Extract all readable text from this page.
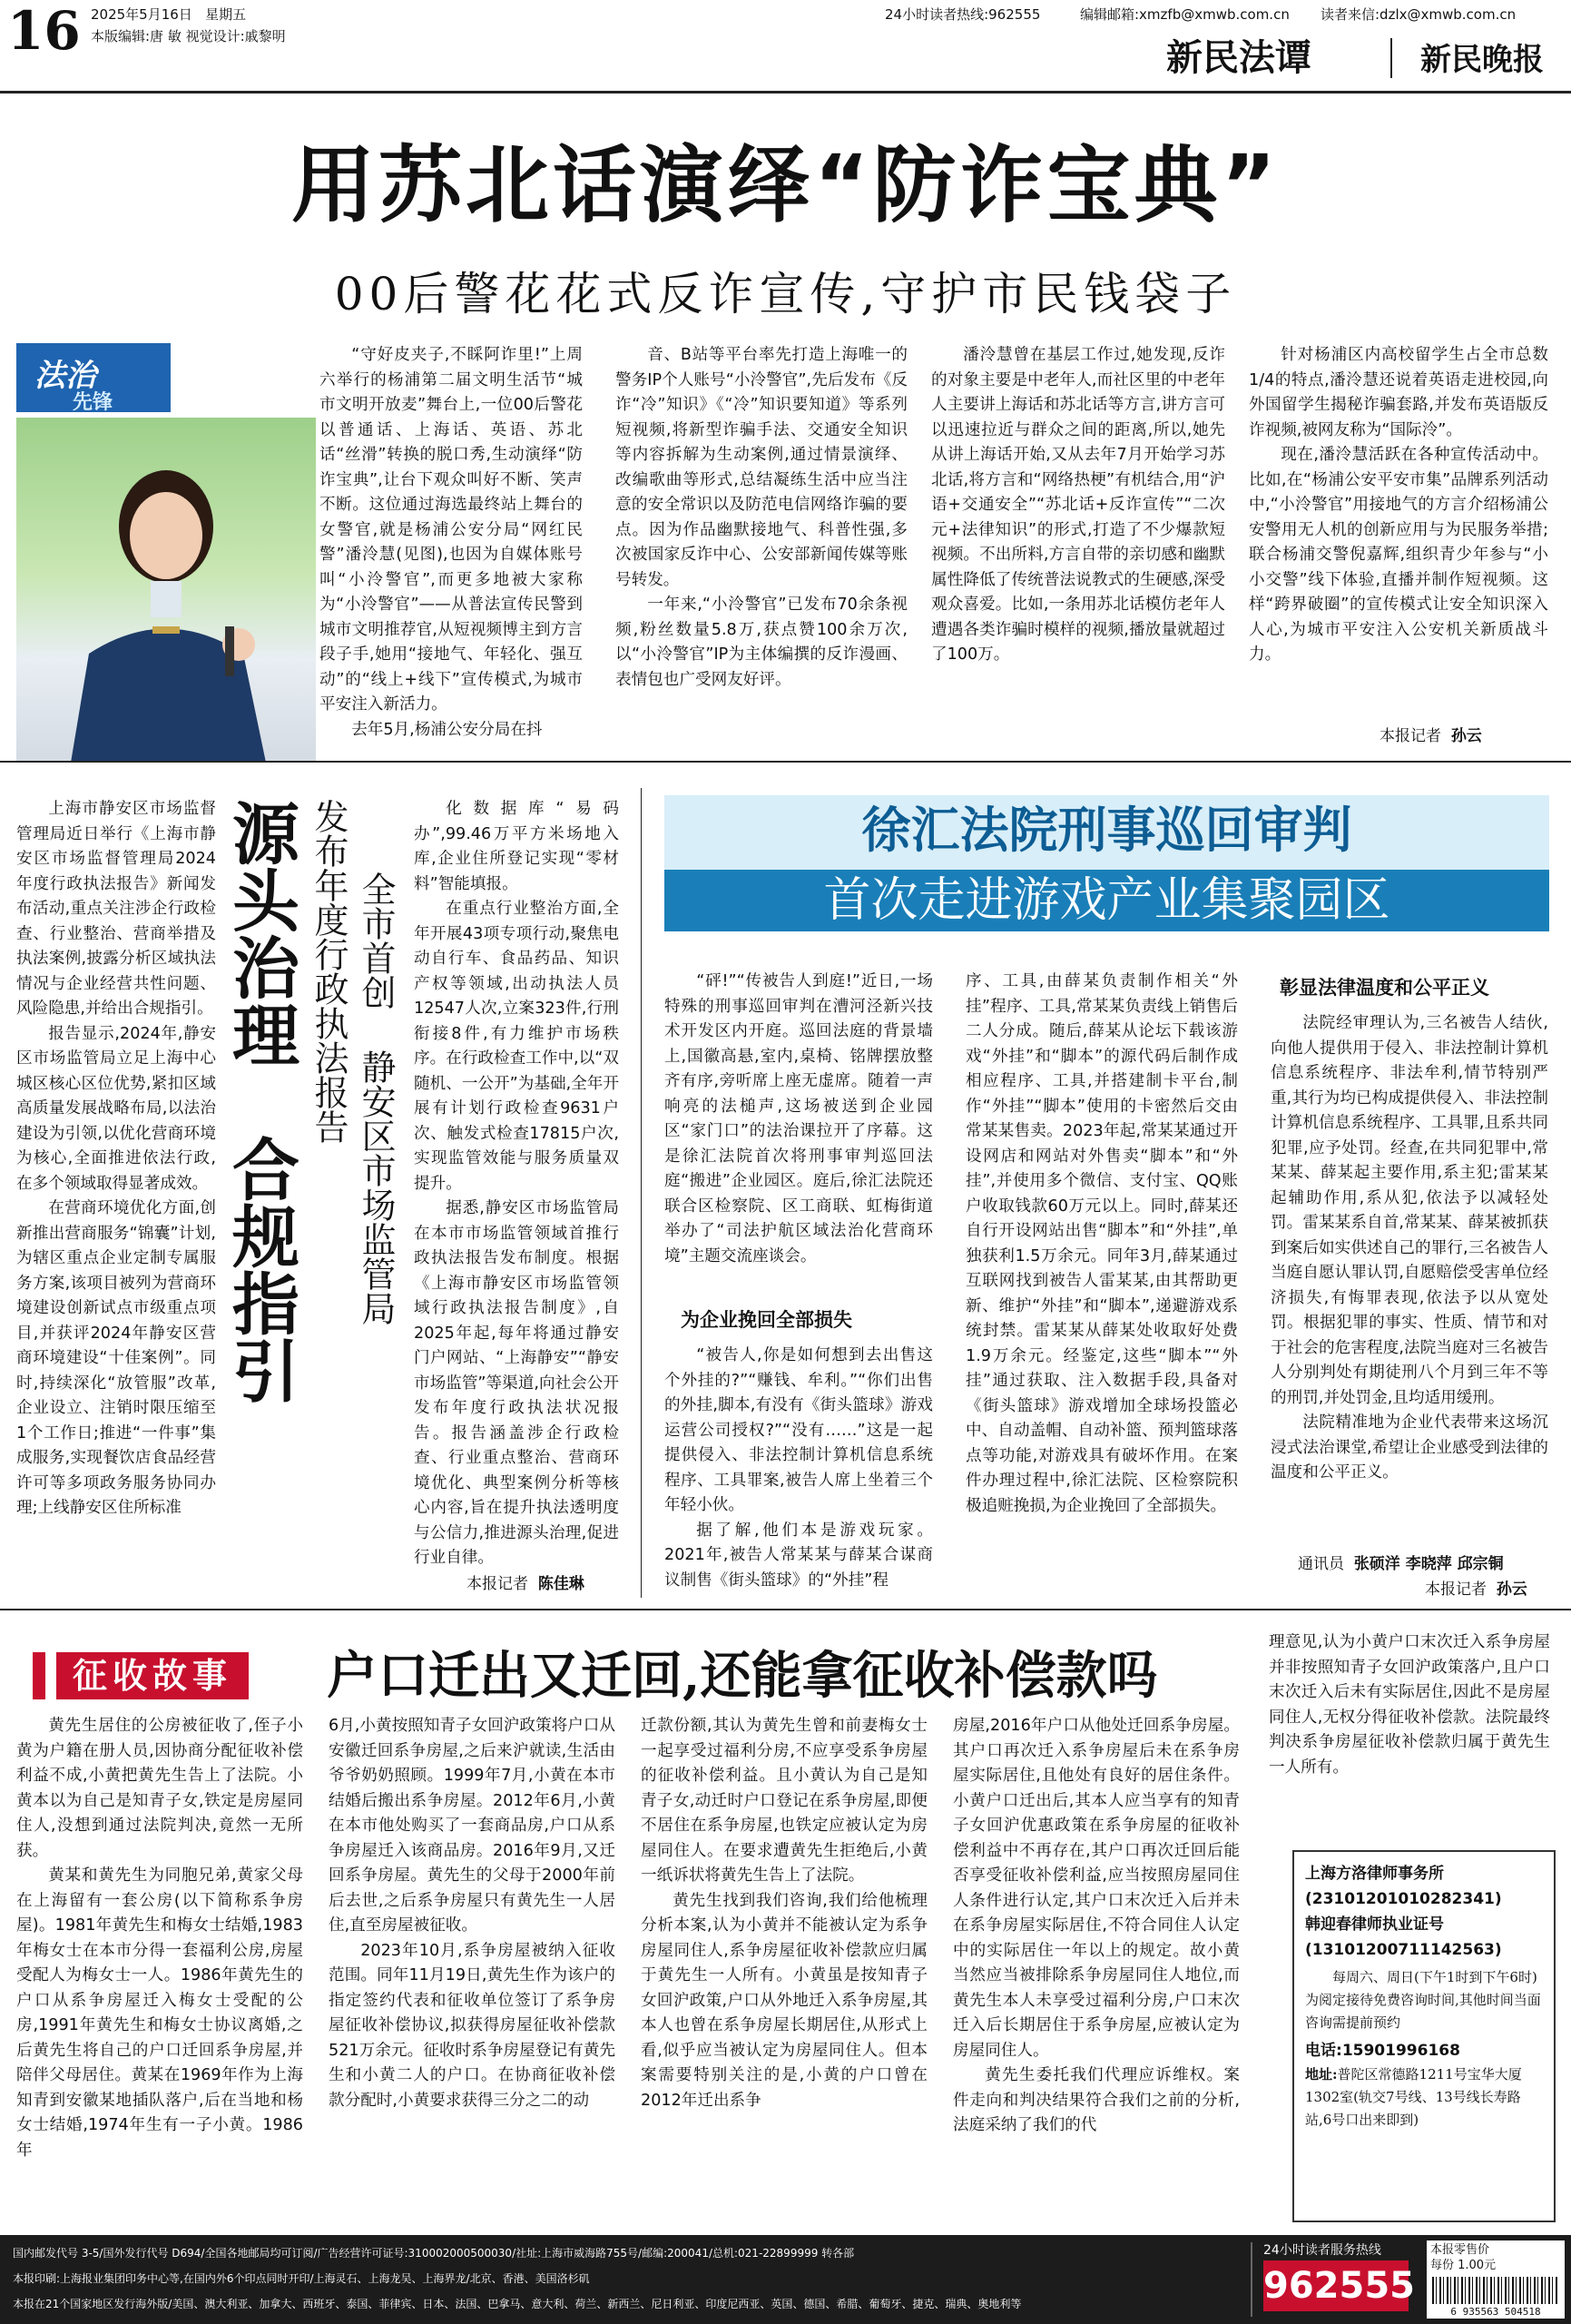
16 2025年5月16日 星期五
本版编辑:唐 敏 视觉设计:戚黎明
24小时读者热线:962555	编辑邮箱:xmzfb@xmwb.com.cn 读者来信:dzlx@xmwb.com.cn
新民法谭	新民晚报
用苏北话演绎“防诈宝典”
00后警花花式反诈宣传,守护市民钱袋子
法治
先锋

“守好皮夹子,不睬阿诈里!”上周六举行的杨浦第二届文明生活节“城市文明开放麦”舞台上,一位00后警花以普通话、上海话、英语、苏北话“丝滑”转换的脱口秀,生动演绎“防诈宝典”,让台下观众叫好不断、笑声不断。这位通过海选最终站上舞台的女警官,就是杨浦公安分局“网红民警”潘泠慧(见图),也因为自媒体账号叫“小泠警官”,而更多地被大家称为“小泠警官”——从普法宣传民警到城市文明推荐官,从短视频博主到方言段子手,她用“接地气、年轻化、强互动”的“线上+线下”宣传模式,为城市平安注入新活力。

去年5月,杨浦公安分局在抖

音、B站等平台率先打造上海唯一的警务IP个人账号“小泠警官”,先后发布《反诈“冷”知识》《“冷”知识要知道》等系列短视频,将新型诈骗手法、交通安全知识等内容拆解为生动案例,通过情景演绎、改编歌曲等形式,总结凝练生活中应当注意的安全常识以及防范电信网络诈骗的要点。因为作品幽默接地气、科普性强,多次被国家反诈中心、公安部新闻传媒等账号转发。

一年来,“小泠警官”已发布70余条视频,粉丝数量5.8万,获点赞100余万次,以“小泠警官”IP为主体编撰的反诈漫画、表情包也广受网友好评。

潘泠慧曾在基层工作过,她发现,反诈的对象主要是中老年人,而社区里的中老年人主要讲上海话和苏北话等方言,讲方言可以迅速拉近与群众之间的距离,所以,她先从讲上海话开始,又从去年7月开始学习苏北话,将方言和“网络热梗”有机结合,用“沪语+交通安全”“苏北话+反诈宣传”“二次元+法律知识”的形式,打造了不少爆款短视频。不出所料,方言自带的亲切感和幽默属性降低了传统普法说教式的生硬感,深受观众喜爱。比如,一条用苏北话模仿老年人遭遇各类诈骗时模样的视频,播放量就超过了100万。

针对杨浦区内高校留学生占全市总数1/4的特点,潘泠慧还说着英语走进校园,向外国留学生揭秘诈骗套路,并发布英语版反诈视频,被网友称为“国际泠”。

现在,潘泠慧活跃在各种宣传活动中。比如,在“杨浦公安平安市集”品牌系列活动中,“小泠警官”用接地气的方言介绍杨浦公安警用无人机的创新应用与为民服务举措;联合杨浦交警倪嘉辉,组织青少年参与“小小交警”线下体验,直播并制作短视频。这样“跨界破圈”的宣传模式让安全知识深入人心,为城市平安注入公安机关新质战斗力。

本报记者 孙云

上海市静安区市场监督管理局近日举行《上海市静安区市场监督管理局2024年度行政执法报告》新闻发布活动,重点关注涉企行政检查、行业整治、营商举措及执法案例,披露分析区域执法情况与企业经营共性问题、风险隐患,并给出合规指引。

报告显示,2024年,静安区市场监管局立足上海中心城区核心区位优势,紧扣区域高质量发展战略布局,以法治建设为引领,以优化营商环境为核心,全面推进依法行政,在多个领域取得显著成效。

在营商环境优化方面,创新推出营商服务“锦囊”计划,为辖区重点企业定制专属服务方案,该项目被列为营商环境建设创新试点市级重点项目,并获评2024年静安区营商环境建设“十佳案例”。同时,持续深化“放管服”改革,企业设立、注销时限压缩至1个工作日;推进“一件事”集成服务,实现餐饮店食品经营许可等多项政务服务协同办理;上线静安区住所标准

源头治理　合规指引
发布年度行政执法报告 全市首创 静安区市场监管局

化数据库“易码办”,99.46万平方米场地入库,企业住所登记实现“零材料”智能填报。

在重点行业整治方面,全年开展43项专项行动,聚焦电动自行车、食品药品、知识产权等领域,出动执法人员12547人次,立案323件,行刑衔接8件,有力维护市场秩序。在行政检查工作中,以“双随机、一公开”为基础,全年开展有计划行政检查9631户次、触发式检查17815户次,实现监管效能与服务质量双提升。

据悉,静安区市场监管局在本市市场监管领域首推行政执法报告发布制度。根据《上海市静安区市场监管领域行政执法报告制度》,自2025年起,每年将通过静安门户网站、“上海静安”“静安市场监管”等渠道,向社会公开发布年度行政执法状况报告。报告涵盖涉企行政检查、行业重点整治、营商环境优化、典型案例分析等核心内容,旨在提升执法透明度与公信力,推进源头治理,促进行业自律。

本报记者 陈佳琳
徐汇法院刑事巡回审判
首次走进游戏产业集聚园区

“砰!”“传被告人到庭!”近日,一场特殊的刑事巡回审判在漕河泾新兴技术开发区内开庭。巡回法庭的背景墙上,国徽高悬,室内,桌椅、铭牌摆放整齐有序,旁听席上座无虚席。随着一声响亮的法槌声,这场被送到企业园区“家门口”的法治课拉开了序幕。这是徐汇法院首次将刑事审判巡回法庭“搬进”企业园区。庭后,徐汇法院还联合区检察院、区工商联、虹梅街道举办了“司法护航区域法治化营商环境”主题交流座谈会。

为企业挽回全部损失

“被告人,你是如何想到去出售这个外挂的?”“赚钱、牟利。”“你们出售的外挂,脚本,有没有《街头篮球》游戏运营公司授权?”“没有……”这是一起提供侵入、非法控制计算机信息系统程序、工具罪案,被告人席上坐着三个年轻小伙。

据了解,他们本是游戏玩家。2021年,被告人常某某与薛某合谋商议制售《街头篮球》的“外挂”程

序、工具,由薛某负责制作相关“外挂”程序、工具,常某某负责线上销售后二人分成。随后,薛某从论坛下载该游戏“外挂”和“脚本”的源代码后制作成相应程序、工具,并搭建制卡平台,制作“外挂”“脚本”使用的卡密然后交由常某某售卖。2023年起,常某某通过开设网店和网站对外售卖“脚本”和“外挂”,并使用多个微信、支付宝、QQ账户收取钱款60万元以上。同时,薛某还自行开设网站出售“脚本”和“外挂”,单独获利1.5万余元。同年3月,薛某通过互联网找到被告人雷某某,由其帮助更新、维护“外挂”和“脚本”,递避游戏系统封禁。雷某某从薛某处收取好处费1.9万余元。经鉴定,这些“脚本”“外挂”通过获取、注入数据手段,具备对《街头篮球》游戏增加全球场投篮必中、自动盖帽、自动补篮、预判篮球落点等功能,对游戏具有破坏作用。在案件办理过程中,徐汇法院、区检察院积极追赃挽损,为企业挽回了全部损失。

彰显法律温度和公平正义

法院经审理认为,三名被告人结伙,向他人提供用于侵入、非法控制计算机信息系统程序、非法牟利,情节特别严重,其行为均已构成提供侵入、非法控制计算机信息系统程序、工具罪,且系共同犯罪,应予处罚。经查,在共同犯罪中,常某某、薛某起主要作用,系主犯;雷某某起辅助作用,系从犯,依法予以减轻处罚。雷某某系自首,常某某、薛某被抓获到案后如实供述自己的罪行,三名被告人当庭自愿认罪认罚,自愿赔偿受害单位经济损失,有悔罪表现,依法予以从宽处罚。根据犯罪的事实、性质、情节和对于社会的危害程度,法院当庭对三名被告人分别判处有期徒刑八个月到三年不等的刑罚,并处罚金,且均适用缓刑。

法院精准地为企业代表带来这场沉浸式法治课堂,希望让企业感受到法律的温度和公平正义。

通讯员 张硕洋 李晓萍 邱宗铜
本报记者 孙云
征收故事	户口迁出又迁回,还能拿征收补偿款吗

黄先生居住的公房被征收了,侄子小黄为户籍在册人员,因协商分配征收补偿利益不成,小黄把黄先生告上了法院。小黄本以为自己是知青子女,铁定是房屋同住人,没想到通过法院判决,竟然一无所获。

黄某和黄先生为同胞兄弟,黄家父母在上海留有一套公房(以下简称系争房屋)。1981年黄先生和梅女士结婚,1983年梅女士在本市分得一套福利公房,房屋受配人为梅女士一人。1986年黄先生的户口从系争房屋迁入梅女士受配的公房,1991年黄先生和梅女士协议离婚,之后黄先生将自己的户口迁回系争房屋,并陪伴父母居住。黄某在1969年作为上海知青到安徽某地插队落户,后在当地和杨女士结婚,1974年生有一子小黄。1986年

6月,小黄按照知青子女回沪政策将户口从安徽迁回系争房屋,之后来沪就读,生活由爷爷奶奶照顾。1999年7月,小黄在本市结婚后搬出系争房屋。2012年6月,小黄在本市他处购买了一套商品房,户口从系争房屋迁入该商品房。2016年9月,又迁回系争房屋。黄先生的父母于2000年前后去世,之后系争房屋只有黄先生一人居住,直至房屋被征收。

2023年10月,系争房屋被纳入征收范围。同年11月19日,黄先生作为该户的指定签约代表和征收单位签订了系争房屋征收补偿协议,拟获得房屋征收补偿款521万余元。征收时系争房屋登记有黄先生和小黄二人的户口。在协商征收补偿款分配时,小黄要求获得三分之二的动

迁款份额,其认为黄先生曾和前妻梅女士一起享受过福利分房,不应享受系争房屋的征收补偿利益。且小黄认为自己是知青子女,动迁时户口登记在系争房屋,即便不居住在系争房屋,也铁定应被认定为房屋同住人。在要求遭黄先生拒绝后,小黄一纸诉状将黄先生告上了法院。

黄先生找到我们咨询,我们给他梳理分析本案,认为小黄并不能被认定为系争房屋同住人,系争房屋征收补偿款应归属于黄先生一人所有。小黄虽是按知青子女回沪政策,户口从外地迁入系争房屋,其本人也曾在系争房屋长期居住,从形式上看,似乎应当被认定为房屋同住人。但本案需要特别关注的是,小黄的户口曾在2012年迁出系争

房屋,2016年户口从他处迁回系争房屋。其户口再次迁入系争房屋后未在系争房屋实际居住,且他处有良好的居住条件。小黄户口迁出后,其本人应当享有的知青子女回沪优惠政策在系争房屋的征收补偿利益中不再存在,其户口再次迁回后能否享受征收补偿利益,应当按照房屋同住人条件进行认定,其户口末次迁入后并未在系争房屋实际居住,不符合同住人认定中的实际居住一年以上的规定。故小黄当然应当被排除系争房屋同住人地位,而黄先生本人未享受过福利分房,户口末次迁入后长期居住于系争房屋,应被认定为房屋同住人。

黄先生委托我们代理应诉维权。案件走向和判决结果符合我们之前的分析,法庭采纳了我们的代

理意见,认为小黄户口末次迁入系争房屋并非按照知青子女回沪政策落户,且户口末次迁入后未有实际居住,因此不是房屋同住人,无权分得征收补偿款。法院最终判决系争房屋征收补偿款归属于黄先生一人所有。

上海方洛律师事务所
(23101201010282341)
韩迎春律师执业证号
(13101200711142563)
每周六、周日(下午1时到下午6时)为阅定接待免费咨询时间,其他时间当面咨询需提前预约
电话:15901996168
地址:普陀区常德路1211号宝华大厦1302室(轨交7号线、13号线长寿路站,6号口出来即到)
国内邮发代号 3-5/国外发行代号 D694/全国各地邮局均可订阅/广告经营许可证号:310002000500030/社址:上海市威海路755号/邮编:200041/总机:021-22899999 转各部
本报印刷:上海报业集团印务中心等,在国内外6个印点同时开印/上海灵石、上海龙吴、上海界龙/北京、香港、美国洛杉矶
本报在21个国家地区发行海外版/美国、澳大利亚、加拿大、西班牙、泰国、菲律宾、日本、法国、巴拿马、意大利、荷兰、新西兰、尼日利亚、印度尼西亚、英国、德国、希腊、葡萄牙、捷克、瑞典、奥地利等
24小时读者服务热线
962555
本报零售价
每份 1.00元
6 935563 504518
